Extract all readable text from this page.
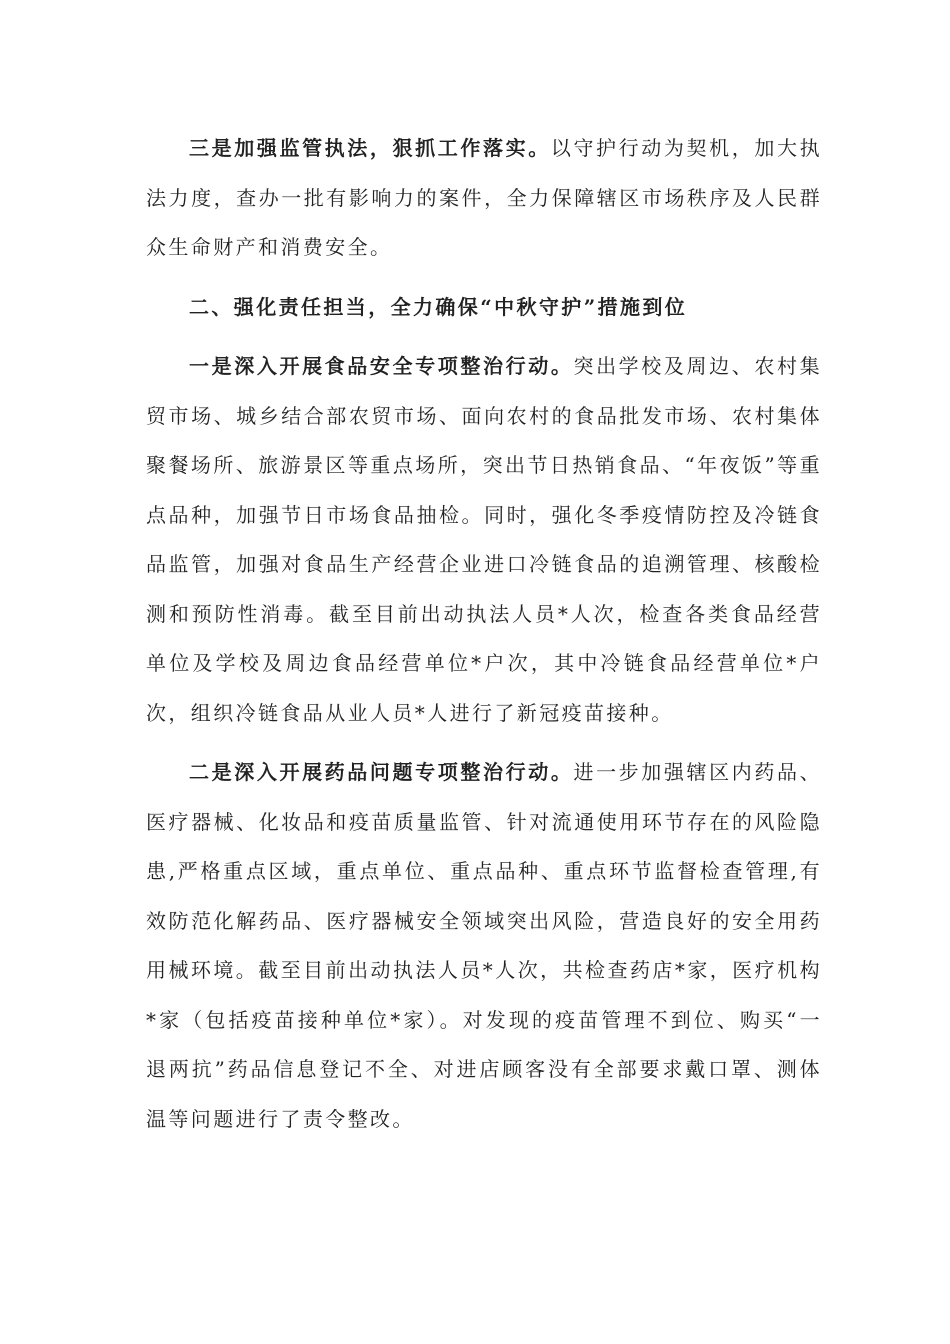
三是加强监管执法，狠抓工作落实。以守护行动为契机，加大执法力度，查办一批有影响力的案件，全力保障辖区市场秩序及人民群众生命财产和消费安全。

二、强化责任担当，全力确保“中秋守护”措施到位

一是深入开展食品安全专项整治行动。突出学校及周边、农村集贸市场、城乡结合部农贸市场、面向农村的食品批发市场、农村集体聚餐场所、旅游景区等重点场所，突出节日热销食品、“年夜饭”等重点品种，加强节日市场食品抽检。同时，强化冬季疫情防控及冷链食品监管，加强对食品生产经营企业进口冷链食品的追溯管理、核酸检测和预防性消毒。截至目前出动执法人员*人次，检查各类食品经营单位及学校及周边食品经营单位*户次，其中冷链食品经营单位*户次，组织冷链食品从业人员*人进行了新冠疫苗接种。

二是深入开展药品问题专项整治行动。进一步加强辖区内药品、医疗器械、化妆品和疫苗质量监管、针对流通使用环节存在的风险隐患,严格重点区域，重点单位、重点品种、重点环节监督检查管理,有效防范化解药品、医疗器械安全领域突出风险，营造良好的安全用药用械环境。截至目前出动执法人员*人次，共检查药店*家，医疗机构*家（包括疫苗接种单位*家）。对发现的疫苗管理不到位、购买“一退两抗”药品信息登记不全、对进店顾客没有全部要求戴口罩、测体温等问题进行了责令整改。
